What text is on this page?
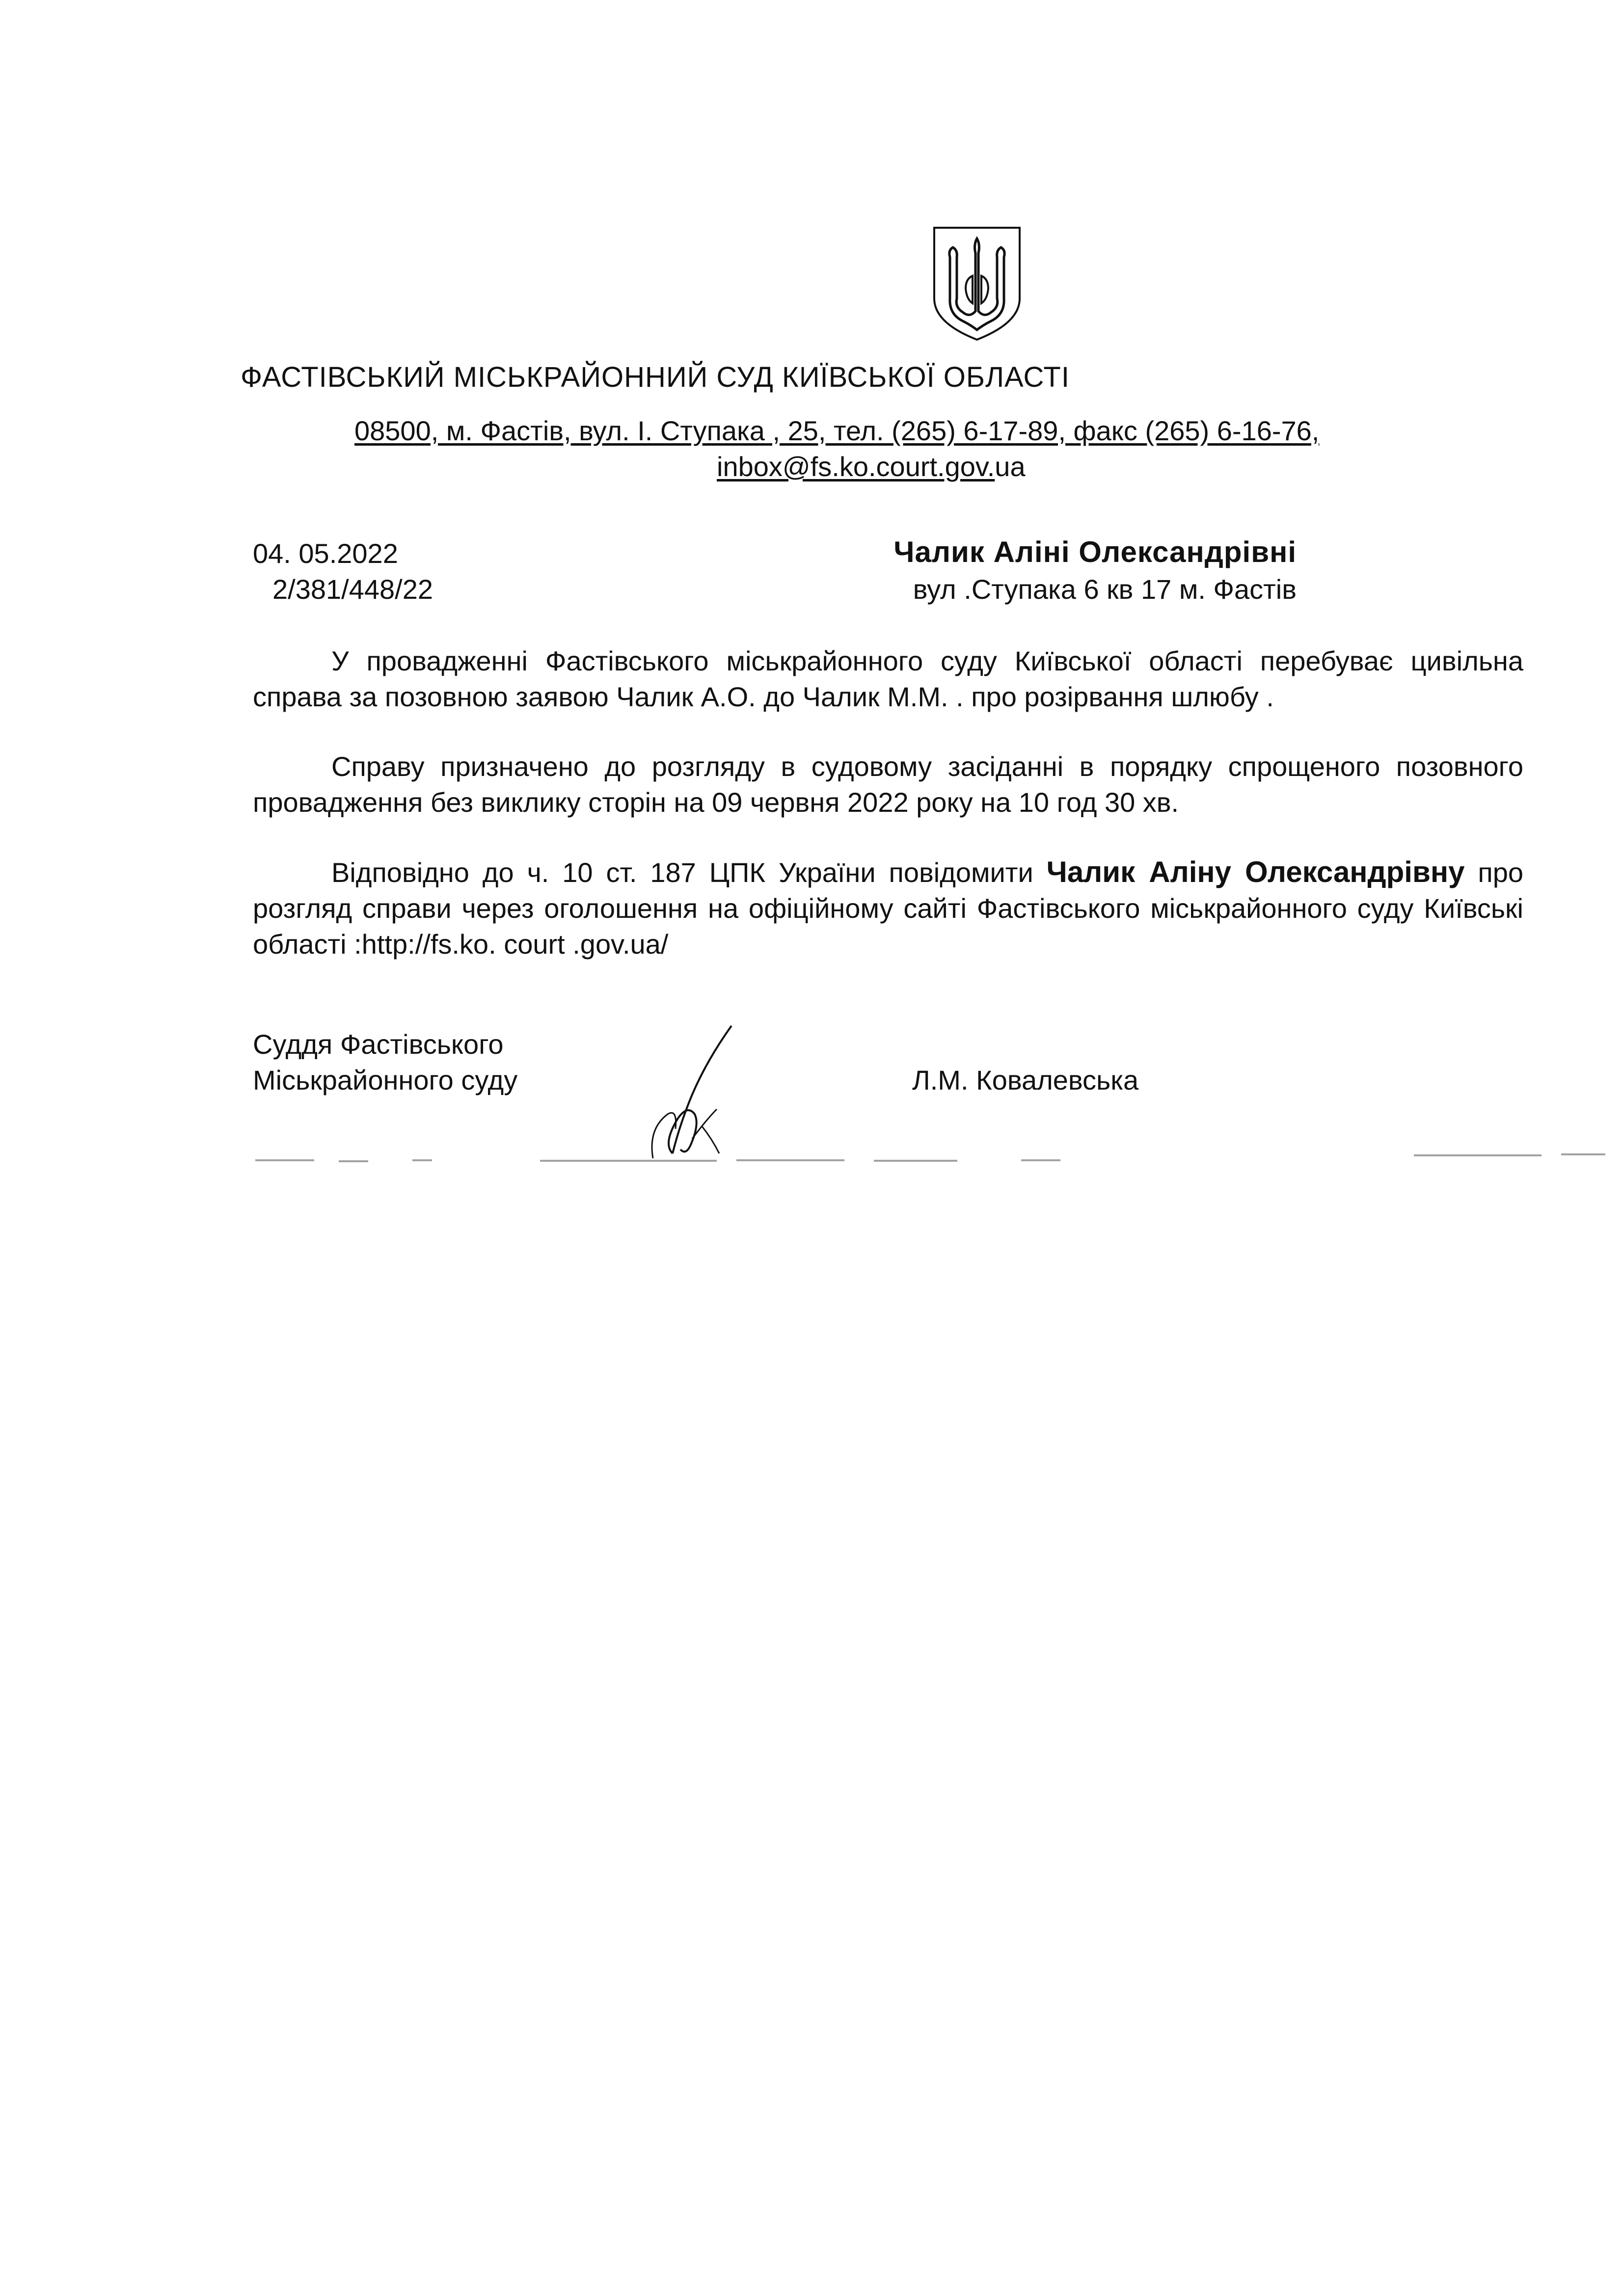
ФАСТІВСЬКИЙ МІСЬКРАЙОННИЙ СУД КИЇВСЬКОЇ ОБЛАСТІ
08500, м. Фастів, вул. І. Ступака , 25, тел. (265) 6-17-89, факс (265) 6-16-76,
inbox@fs.ko.court.gov.ua
04. 05.2022
2/381/448/22
Чалик Аліні Олександрівні
вул .Ступака 6 кв 17 м. Фастів

У провадженні Фастівського міськрайонного суду Київської області перебуває цивільна справа за позовною заявою Чалик А.О. до Чалик М.М. . про розірвання шлюбу .

Справу призначено до розгляду в судовому засіданні в порядку спрощеного позовного провадження без виклику сторін на 09 червня 2022 року на 10 год 30 хв.

Відповідно до ч. 10 ст. 187 ЦПК України повідомити Чалик Аліну Олександрівну про розгляд справи через оголошення на офіційному сайті Фастівського міськрайонного суду Київські області :http://fs.ko. court .gov.ua/

Суддя Фастівського
Міськрайонного суду	Л.М. Ковалевська
